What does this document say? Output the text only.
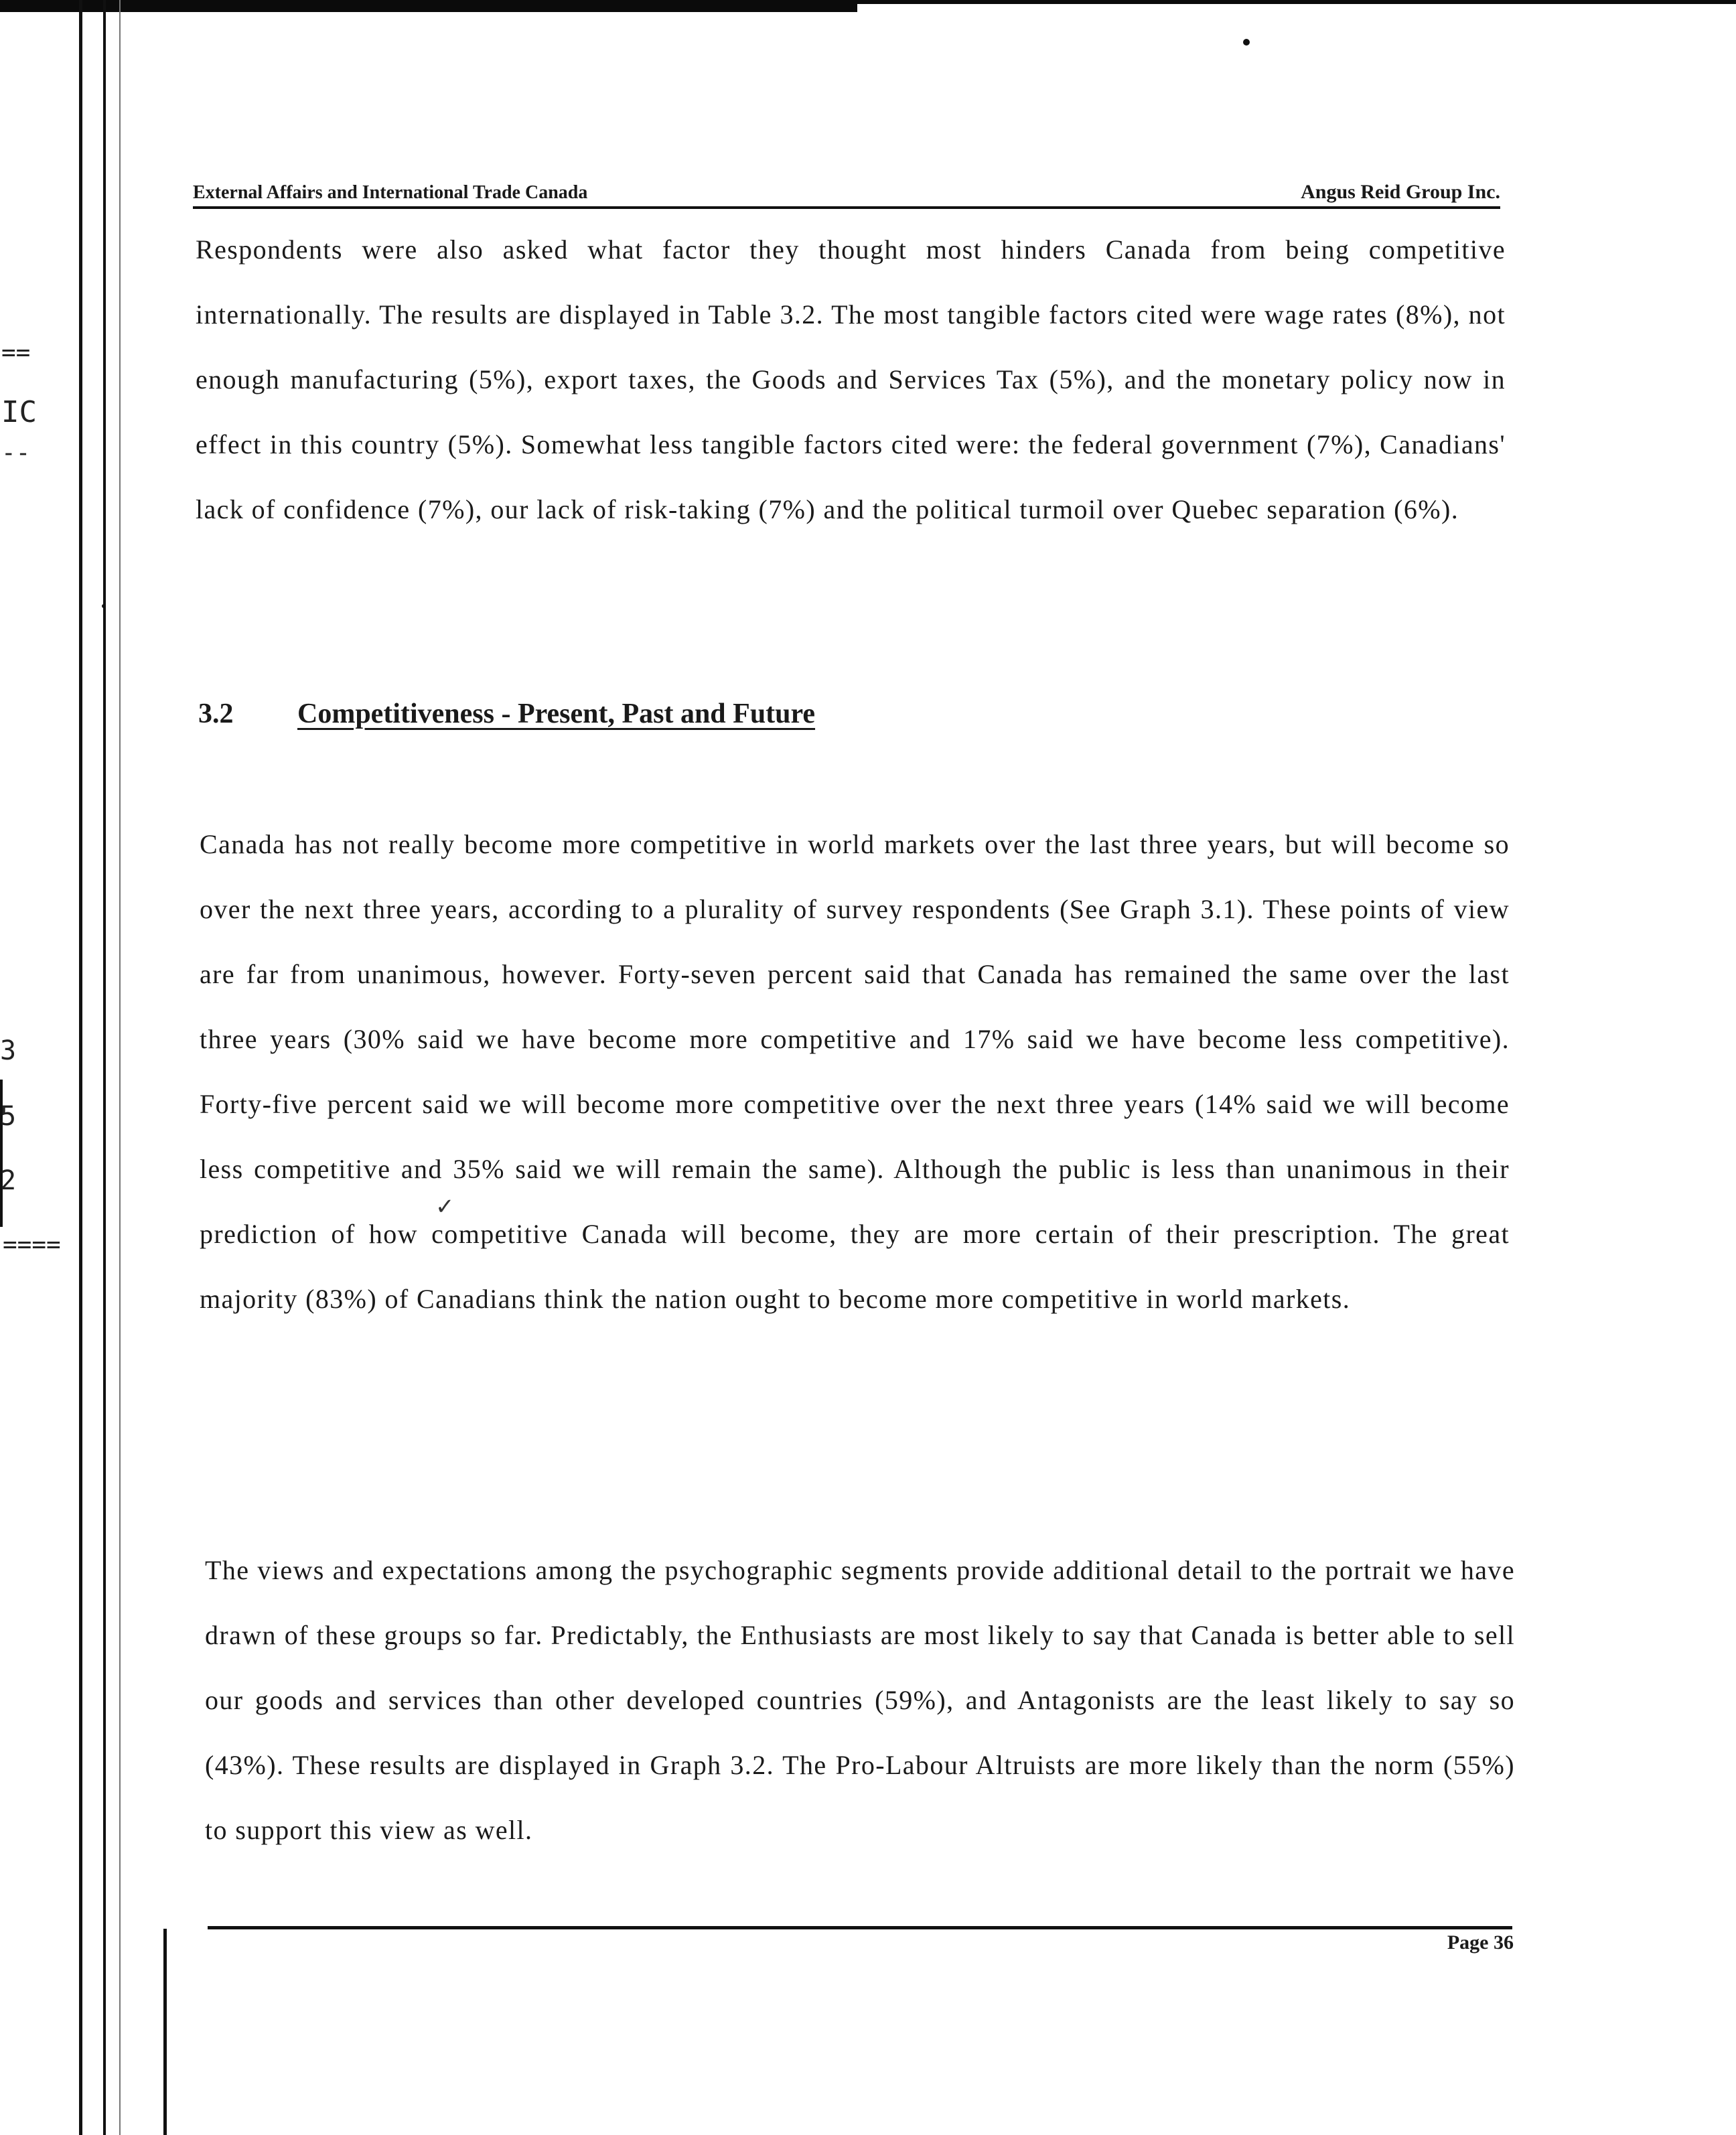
==
IC
--
3
5
2
====
External Affairs and International Trade Canada	Angus Reid Group Inc.

Respondents were also asked what factor they thought most hinders Canada from being competitive internationally. The results are displayed in Table 3.2. The most tangible factors cited were wage rates (8%), not enough manufacturing (5%), export taxes, the Goods and Services Tax (5%), and the monetary policy now in effect in this country (5%). Somewhat less tangible factors cited were: the federal government (7%), Canadians' lack of confidence (7%), our lack of risk-taking (7%) and the political turmoil over Quebec separation (6%).

3.2 Competitiveness - Present, Past and Future

Canada has not really become more competitive in world markets over the last three years, but will become so over the next three years, according to a plurality of survey respondents (See Graph 3.1). These points of view are far from unanimous, however. Forty-seven percent said that Canada has remained the same over the last three years (30% said we have become more competitive and 17% said we have become less competitive). Forty-five percent said we will become more competitive over the next three years (14% said we will become less competitive and 35% said we will remain the same). Although the public is less than unanimous in their prediction of how competitive Canada will become, they are more certain of their prescription. The great majority (83%) of Canadians think the nation ought to become more competitive in world markets.

The views and expectations among the psychographic segments provide additional detail to the portrait we have drawn of these groups so far. Predictably, the Enthusiasts are most likely to say that Canada is better able to sell our goods and services than other developed countries (59%), and Antagonists are the least likely to say so (43%). These results are displayed in Graph 3.2. The Pro-Labour Altruists are more likely than the norm (55%) to support this view as well.

✓
Page 36
